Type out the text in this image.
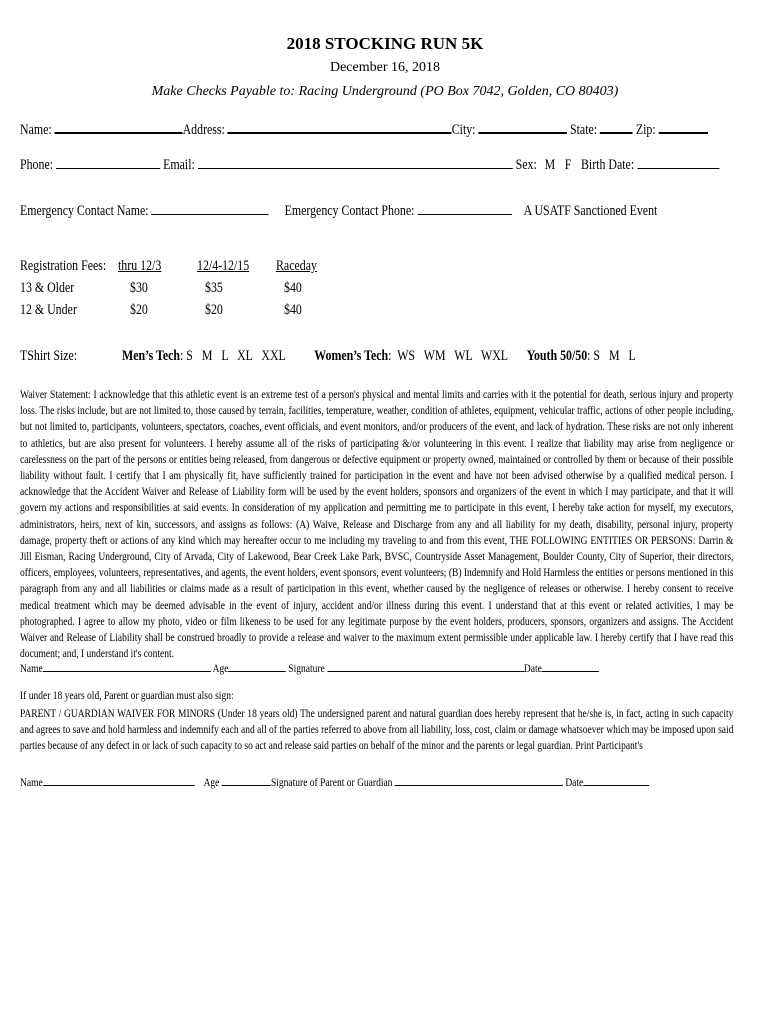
2018 STOCKING RUN 5K
December 16, 2018
Make Checks Payable to: Racing Underground (PO Box 7042, Golden, CO 80403)
Name:	Address:	City:	State:	Zip:
Phone:	Email:	Sex: M F Birth Date:
Emergency Contact Name:	Emergency Contact Phone:	A USATF Sanctioned Event
Registration Fees: thru 12/3 12/4-12/15 Raceday
13 & Older	$30	$35	$40
12 & Under	$20	$20	$40
TShirt Size:	Men’s Tech: S   M   L   XL   XXL Women’s Tech:  WS   WM   WL   WXL Youth 50/50: S   M   L
Waiver Statement: I acknowledge that this athletic event is an extreme test of a person's physical and mental limits and carries with it the potential for death, serious injury and property loss. The risks include, but are not limited to, those caused by terrain, facilities, temperature, weather, condition of athletes, equipment, vehicular traffic, actions of other people including, but not limited to, participants, volunteers, spectators, coaches, event officials, and event monitors, and/or producers of the event, and lack of hydration. These risks are not only inherent to athletics, but are also present for volunteers. I hereby assume all of the risks of participating &/or volunteering in this event. I realize that liability may arise from negligence or carelessness on the part of the persons or entities being released, from dangerous or defective equipment or property owned, maintained or controlled by them or because of their possible liability without fault. I certify that I am physically fit, have sufficiently trained for participation in the event and have not been advised otherwise by a qualified medical person. I acknowledge that the Accident Waiver and Release of Liability form will be used by the event holders, sponsors and organizers of the event in which I may participate, and that it will govern my actions and responsibilities at said events. In consideration of my application and permitting me to participate in this event, I hereby take action for myself, my executors, administrators, heirs, next of kin, successors, and assigns as follows: (A) Waive, Release and Discharge from any and all liability for my death, disability, personal injury, property damage, property theft or actions of any kind which may hereafter occur to me including my traveling to and from this event, THE FOLLOWING ENTITIES OR PERSONS: Darrin & Jill Eisman, Racing Underground, City of Arvada, City of Lakewood, Bear Creek Lake Park, BVSC, Countryside Asset Management, Boulder County, City of Superior, their directors, officers, employees, volunteers, representatives, and agents, the event holders, event sponsors, event volunteers; (B) Indemnify and Hold Harmless the entities or persons mentioned in this paragraph from any and all liabilities or claims made as a result of participation in this event, whether caused by the negligence of releases or otherwise. I hereby consent to receive medical treatment which may be deemed advisable in the event of injury, accident and/or illness during this event. I understand that at this event or related activities, I may be photographed. I agree to allow my photo, video or film likeness to be used for any legitimate purpose by the event holders, producers, sponsors, organizers and assigns. The Accident Waiver and Release of Liability shall be construed broadly to provide a release and waiver to the maximum extent permissible under applicable law. I hereby certify that I have read this document; and, I understand it's content.
Name	Age	Signature	Date
If under 18 years old, Parent or guardian must also sign:
PARENT / GUARDIAN WAIVER FOR MINORS (Under 18 years old) The undersigned parent and natural guardian does hereby represent that he/she is, in fact, acting in such capacity and agrees to save and hold harmless and indemnify each and all of the parties referred to above from all liability, loss, cost, claim or damage whatsoever which may be imposed upon said parties because of any defect in or lack of such capacity to so act and release said parties on behalf of the minor and the parents or legal guardian. Print Participant's
Name	Age	Signature of Parent or Guardian	Date
